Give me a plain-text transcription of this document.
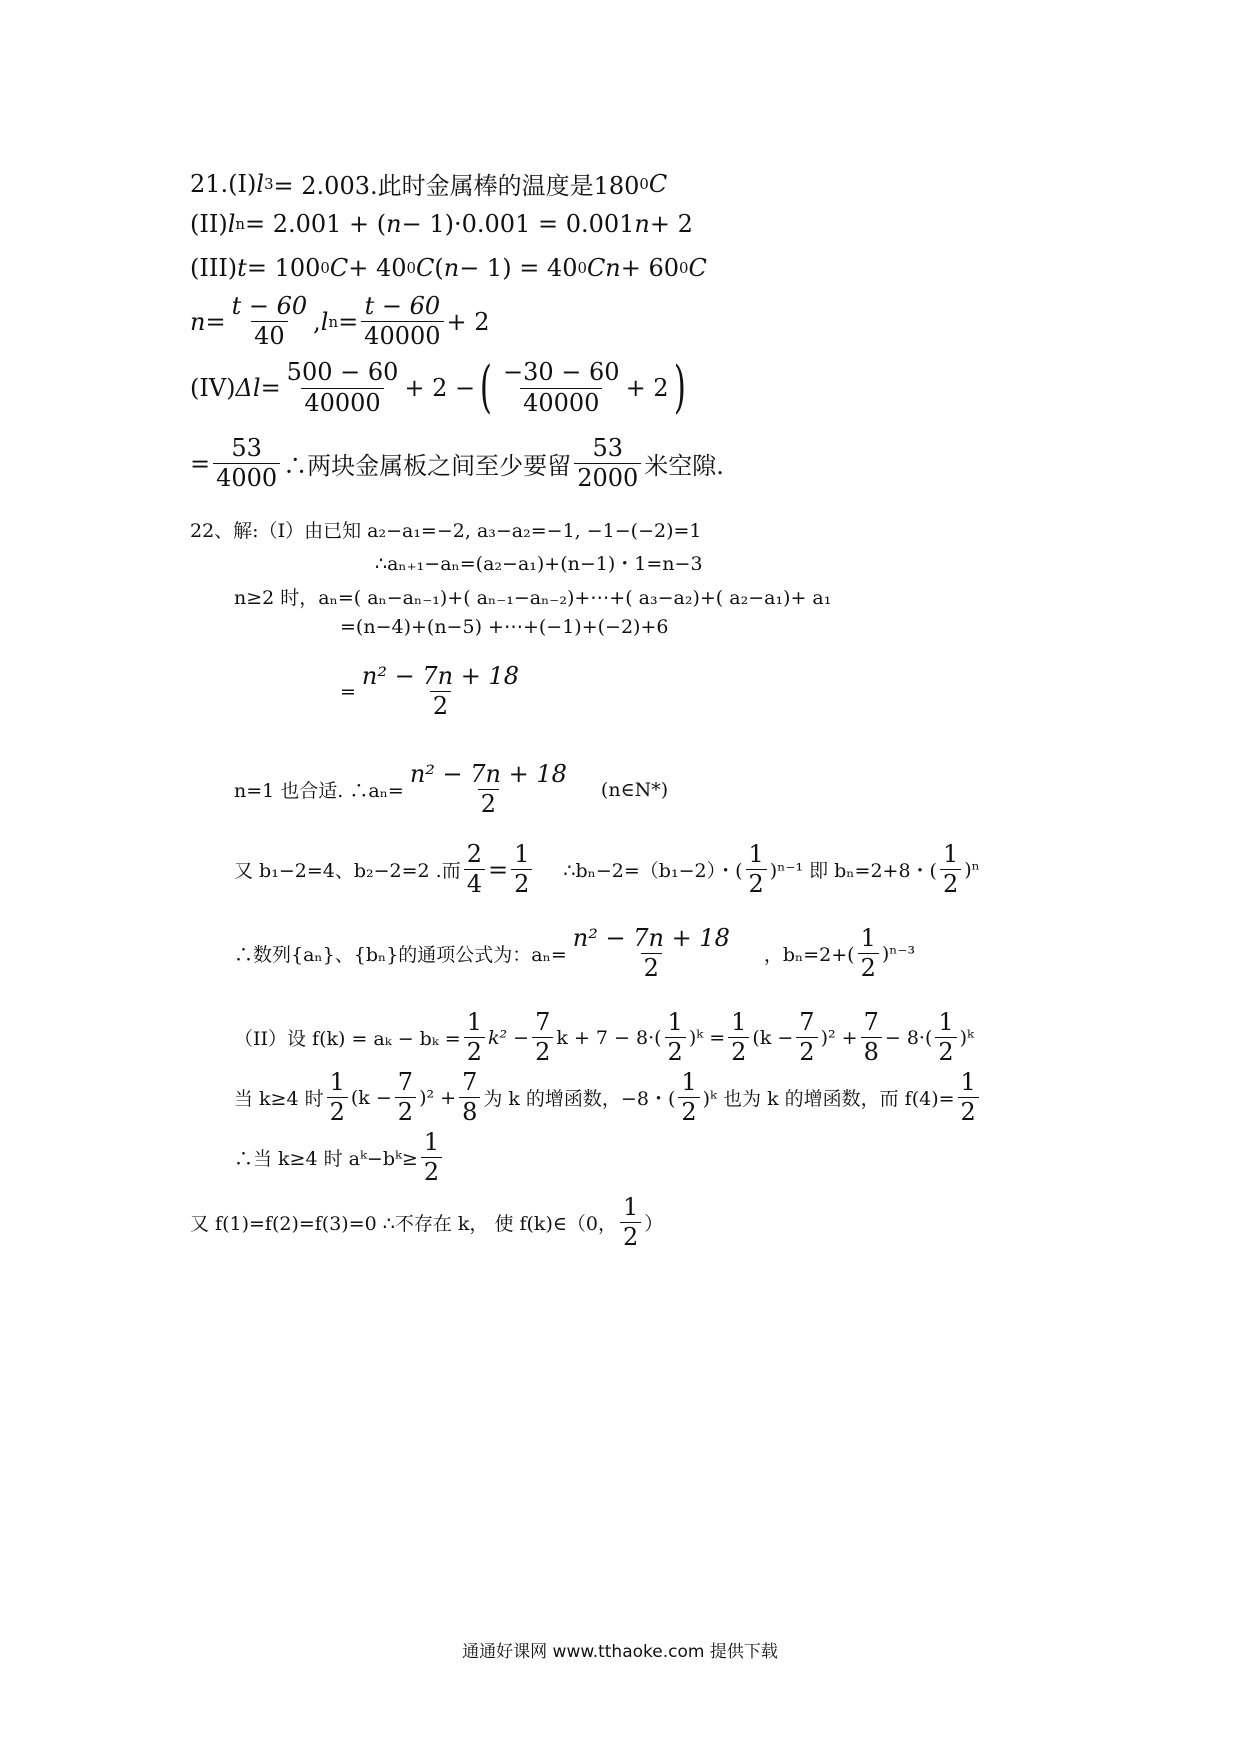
21.(I) l 3 = 2.003.此时金属棒的温度是180 0 C
(II) l n = 2.001 + ( n − 1)·0.001 = 0.001 n + 2
(III) t = 100 0 C + 40 0 C ( n − 1) = 40 0 Cn + 60 0 C
$n = \frac{t - 60}{40}$ , l $n = \frac{t - 60}{40000} + 2$
(IV) $\Delta l = \frac{500 - 60}{40000} + 2$ − ( $\frac{-30 - 60}{40000} + 2$ )
= $\frac{53}{4000}$ ∴两块金属板之间至少要留 $\frac{53}{2000}$ 米空隙.
22、解:（I）由已知 a₂−a₁=−2, a₃−a₂=−1, −1−(−2)=1
∴aₙ₊₁−aₙ=(a₂−a₁)+(n−1)・1=n−3
n≥2 时，aₙ=( aₙ−aₙ₋₁)+( aₙ₋₁−aₙ₋₂)+⋯+( a₃−a₂)+( a₂−a₁)+ a₁
=(n−4)+(n−5) +⋯+(−1)+(−2)+6
= $\frac{\text{n² − 7n + 18}}{2}$
n=1 也合适. ∴aₙ= $\frac{\text{n² − 7n + 18}}{2}$ (n∈N*)
又 b₁−2=4、b₂−2=2 .而 $\frac{2}{4} = \frac{1}{2}$ ∴bₙ−2=（b₁−2）・( $\frac{1}{2} )^{n-1}$ 即 bₙ=2+8・( $\frac{1}{2} )^n$
∴数列{aₙ}、{bₙ}的通项公式为：$a_n= \frac{\text{n² − 7n + 18}}{2}$ ，$b_n=2+( \frac{1}{2} )^{n-3}$
（II）设 $f(k) = a_k - b_k = \frac{1}{2} k^2 - \frac{7}{2}$ $k + 7 - 8\cdot( \frac{1}{2}$ )ᵏ = $\frac{1}{2} (k - \frac{7}{2} )^2 + \frac{7}{8} - 8\cdot( \frac{1}{2}$ )ᵏ
当 k≥4 时 $\frac{1}{2} (k - \frac{7}{2} )^2 + \frac{7}{8}$ 为 k 的增函数，−8・( $\frac{1}{2}$ )ᵏ 也为 k 的增函数，而 $f(4)= \frac{1}{2}$
∴当 k≥4 时 aᵏ−bᵏ≥ $\frac{1}{2}$
又 f(1)=f(2)=f(3)=0 ∴不存在 k， 使 f(k)∈（0， $\frac{1}{2}$ ）
通通好课网 www.tthaoke.com 提供下载
